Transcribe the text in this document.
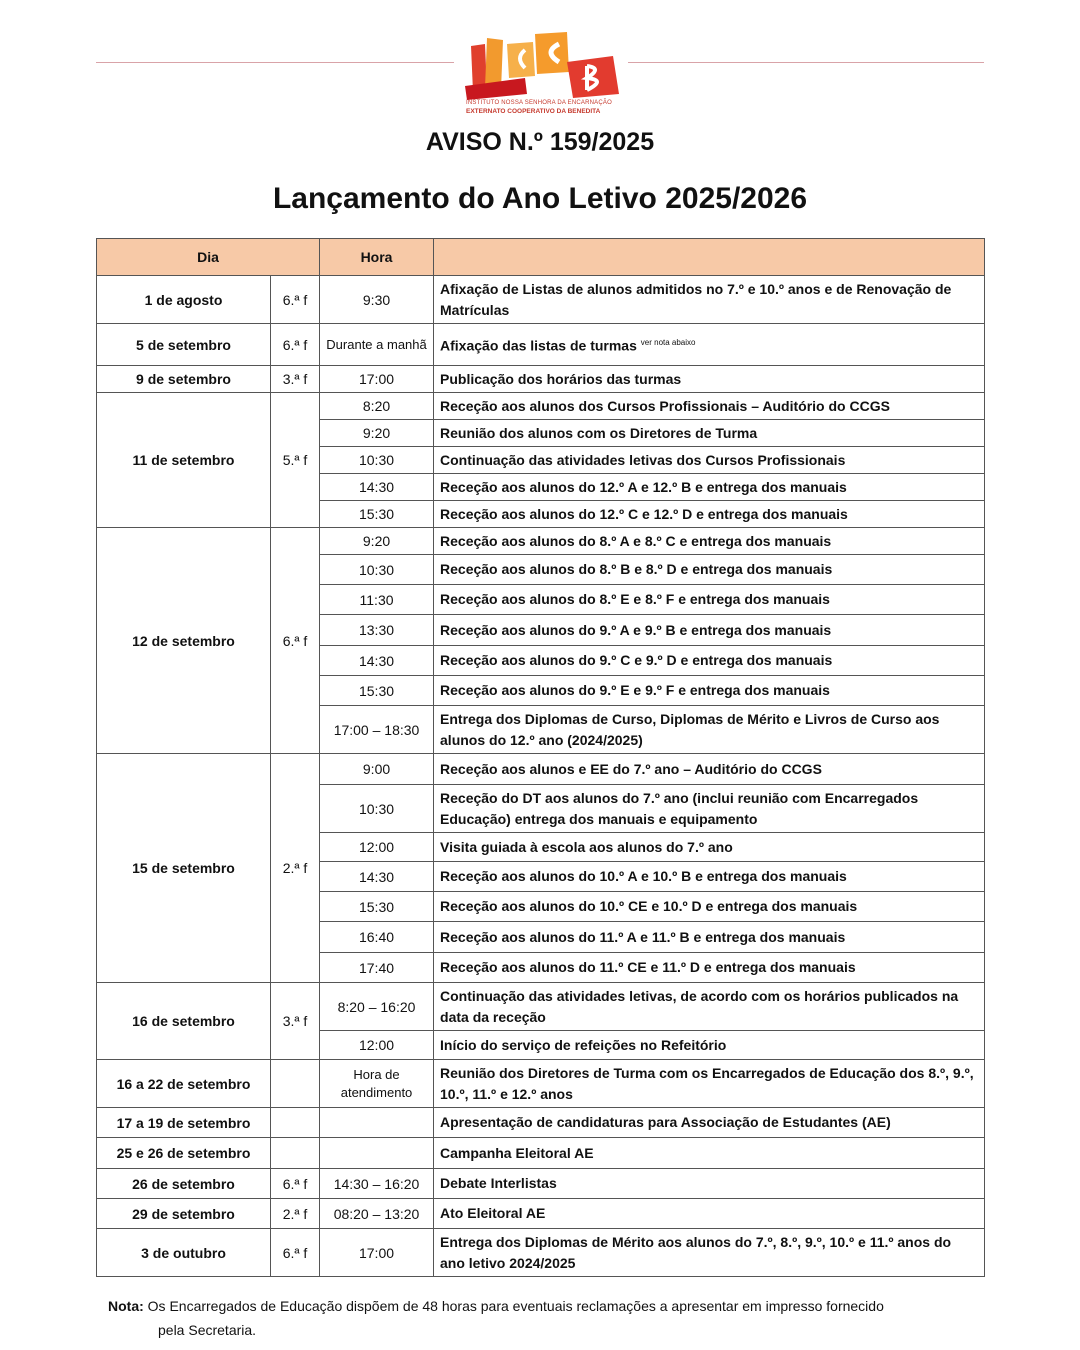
INSTITUTO NOSSA SENHORA DA ENCARNAÇÃO
EXTERNATO COOPERATIVO DA BENEDITA
AVISO N.º 159/2025
Lançamento do Ano Letivo 2025/2026
Dia		Hora	
1 de agosto	6.ª f	9:30	Afixação de Listas de alunos admitidos no 7.º e 10.º anos e de Renovação de Matrículas
5 de setembro	6.ª f	Durante a manhã	Afixação das listas de turmas $^{ver nota abaixo}$
9 de setembro	3.ª f	17:00	Publicação dos horários das turmas
11 de setembro	5.ª f	8:20	Receção aos alunos dos Cursos Profissionais – Auditório do CCGS
		9:20	Reunião dos alunos com os Diretores de Turma
		10:30	Continuação das atividades letivas dos Cursos Profissionais
		14:30	Receção aos alunos do 12.º A e 12.º B e entrega dos manuais
		15:30	Receção aos alunos do 12.º C e 12.º D e entrega dos manuais
12 de setembro	6.ª f	9:20	Receção aos alunos do 8.º A e 8.º C e entrega dos manuais
		10:30	Receção aos alunos do 8.º B e 8.º D e entrega dos manuais
		11:30	Receção aos alunos do 8.º E e 8.º F e entrega dos manuais
		13:30	Receção aos alunos do 9.º A e 9.º B e entrega dos manuais
		14:30	Receção aos alunos do 9.º C e 9.º D e entrega dos manuais
		15:30	Receção aos alunos do 9.º E e 9.º F e entrega dos manuais
		17:00 – 18:30	Entrega dos Diplomas de Curso, Diplomas de Mérito e Livros de Curso aos alunos do 12.º ano (2024/2025)
15 de setembro	2.ª f	9:00	Receção aos alunos e EE do 7.º ano – Auditório do CCGS
		10:30	Receção do DT aos alunos do 7.º ano (inclui reunião com Encarregados Educação) entrega dos manuais e equipamento
		12:00	Visita guiada à escola aos alunos do 7.º ano
		14:30	Receção aos alunos do 10.º A e 10.º B e entrega dos manuais
		15:30	Receção aos alunos do 10.º CE e 10.º D e entrega dos manuais
		16:40	Receção aos alunos do 11.º A e 11.º B e entrega dos manuais
		17:40	Receção aos alunos do 11.º CE e 11.º D e entrega dos manuais
16 de setembro	3.ª f	8:20 – 16:20	Continuação das atividades letivas, de acordo com os horários publicados na data da receção
		12:00	Início do serviço de refeições no Refeitório
16 a 22 de setembro		Hora de atendimento	Reunião dos Diretores de Turma com os Encarregados de Educação dos 8.º, 9.º, 10.º, 11.º e 12.º anos
17 a 19 de setembro			Apresentação de candidaturas para Associação de Estudantes (AE)
25 e 26 de setembro			Campanha Eleitoral AE
26 de setembro	6.ª f	14:30 – 16:20	Debate Interlistas
29 de setembro	2.ª f	08:20 – 13:20	Ato Eleitoral AE
3 de outubro	6.ª f	17:00	Entrega dos Diplomas de Mérito aos alunos do 7.º, 8.º, 9.º, 10.º e 11.º anos do ano letivo 2024/2025
Nota: Os Encarregados de Educação dispõem de 48 horas para eventuais reclamações a apresentar em impresso fornecido
pela Secretaria.
